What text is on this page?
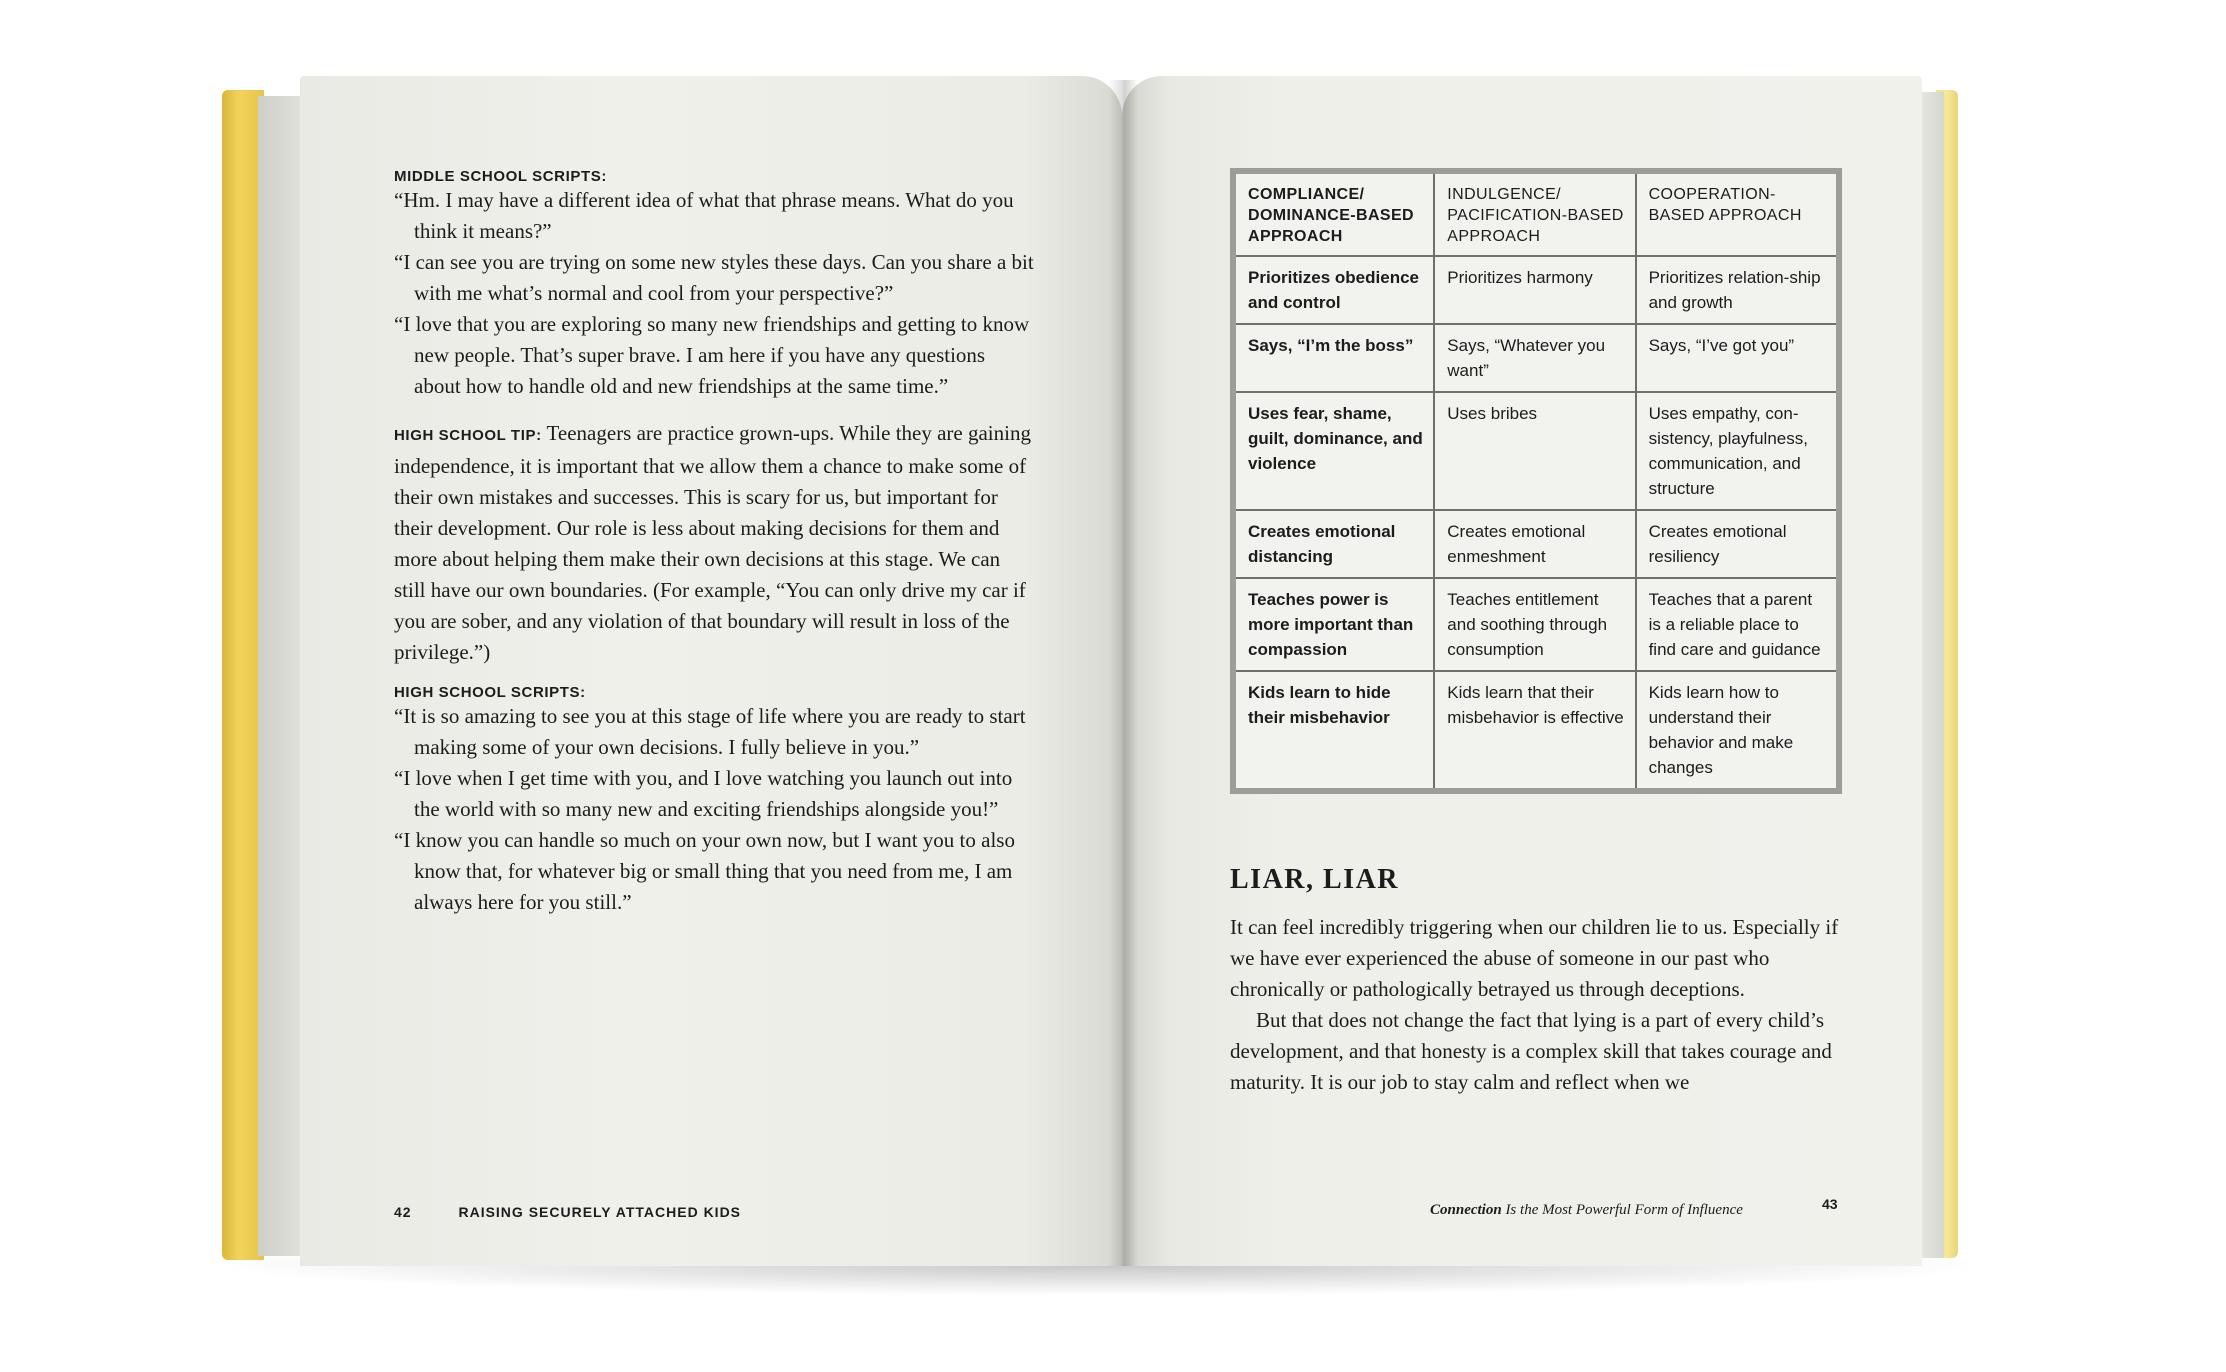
MIDDLE SCHOOL SCRIPTS:

“Hm. I may have a different idea of what that phrase means. What do you think it means?”

“I can see you are trying on some new styles these days. Can you share a bit with me what’s normal and cool from your perspective?”

“I love that you are exploring so many new friendships and getting to know new people. That’s super brave. I am here if you have any questions about how to handle old and new friendships at the same time.”

HIGH SCHOOL TIP: Teenagers are practice grown-ups. While they are gaining independence, it is important that we allow them a chance to make some of their own mistakes and successes. This is scary for us, but important for their development. Our role is less about making decisions for them and more about helping them make their own decisions at this stage. We can still have our own boundaries. (For example, “You can only drive my car if you are sober, and any violation of that boundary will result in loss of the privilege.”)

HIGH SCHOOL SCRIPTS:

“It is so amazing to see you at this stage of life where you are ready to start making some of your own decisions. I fully believe in you.”

“I love when I get time with you, and I love watching you launch out into the world with so many new and exciting friendships alongside you!”

“I know you can handle so much on your own now, but I want you to also know that, for whatever big or small thing that you need from me, I am always here for you still.”

42	RAISING SECURELY ATTACHED KIDS
COMPLIANCE/ DOMINANCE-BASED APPROACH	INDULGENCE/ PACIFICATION-BASED APPROACH	COOPERATION-BASED APPROACH
Prioritizes obedience and control	Prioritizes harmony	Prioritizes relation-ship and growth
Says, “I’m the boss”	Says, “Whatever you want”	Says, “I’ve got you”
Uses fear, shame, guilt, dominance, and violence	Uses bribes	Uses empathy, con-sistency, playfulness, communication, and structure
Creates emotional distancing	Creates emotional enmeshment	Creates emotional resiliency
Teaches power is more important than compassion	Teaches entitlement and soothing through consumption	Teaches that a parent is a reliable place to find care and guidance
Kids learn to hide their misbehavior	Kids learn that their misbehavior is effective	Kids learn how to understand their behavior and make changes
LIAR, LIAR

It can feel incredibly triggering when our children lie to us. Especially if we have ever experienced the abuse of someone in our past who chronically or pathologically betrayed us through deceptions.

But that does not change the fact that lying is a part of every child’s development, and that honesty is a complex skill that takes courage and maturity. It is our job to stay calm and reflect when we

Connection Is the Most Powerful Form of Influence	43
